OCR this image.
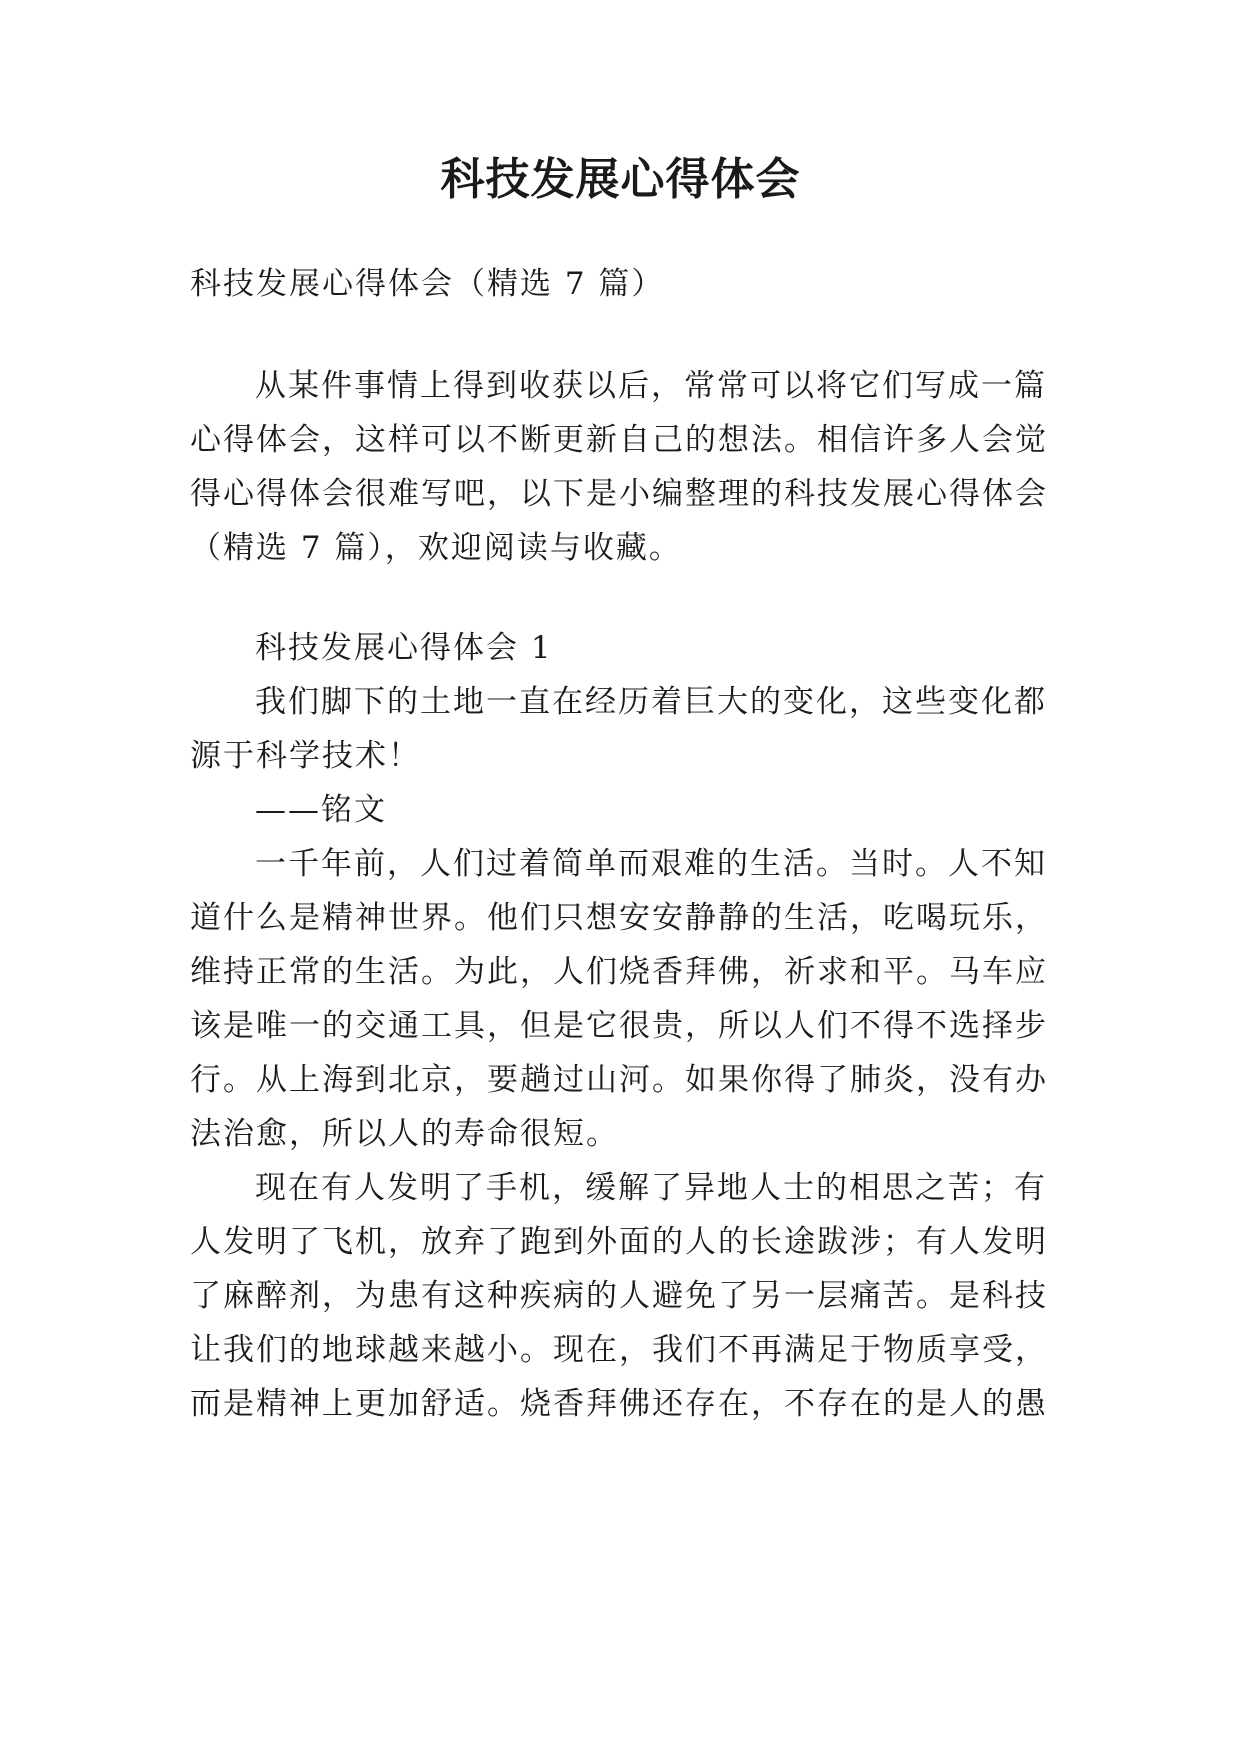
科技发展心得体会
科技发展心得体会（精选 7 篇）
从某件事情上得到收获以后，常常可以将它们写成一篇
心得体会，这样可以不断更新自己的想法。相信许多人会觉
得心得体会很难写吧，以下是小编整理的科技发展心得体会
（精选 7 篇），欢迎阅读与收藏。
科技发展心得体会 1
我们脚下的土地一直在经历着巨大的变化，这些变化都
源于科学技术！
——铭文
一千年前，人们过着简单而艰难的生活。当时。人不知
道什么是精神世界。他们只想安安静静的生活，吃喝玩乐，
维持正常的生活。为此，人们烧香拜佛，祈求和平。马车应
该是唯一的交通工具，但是它很贵，所以人们不得不选择步
行。从上海到北京，要趟过山河。如果你得了肺炎，没有办
法治愈，所以人的寿命很短。
现在有人发明了手机，缓解了异地人士的相思之苦；有
人发明了飞机，放弃了跑到外面的人的长途跋涉；有人发明
了麻醉剂，为患有这种疾病的人避免了另一层痛苦。是科技
让我们的地球越来越小。现在，我们不再满足于物质享受，
而是精神上更加舒适。烧香拜佛还存在，不存在的是人的愚
